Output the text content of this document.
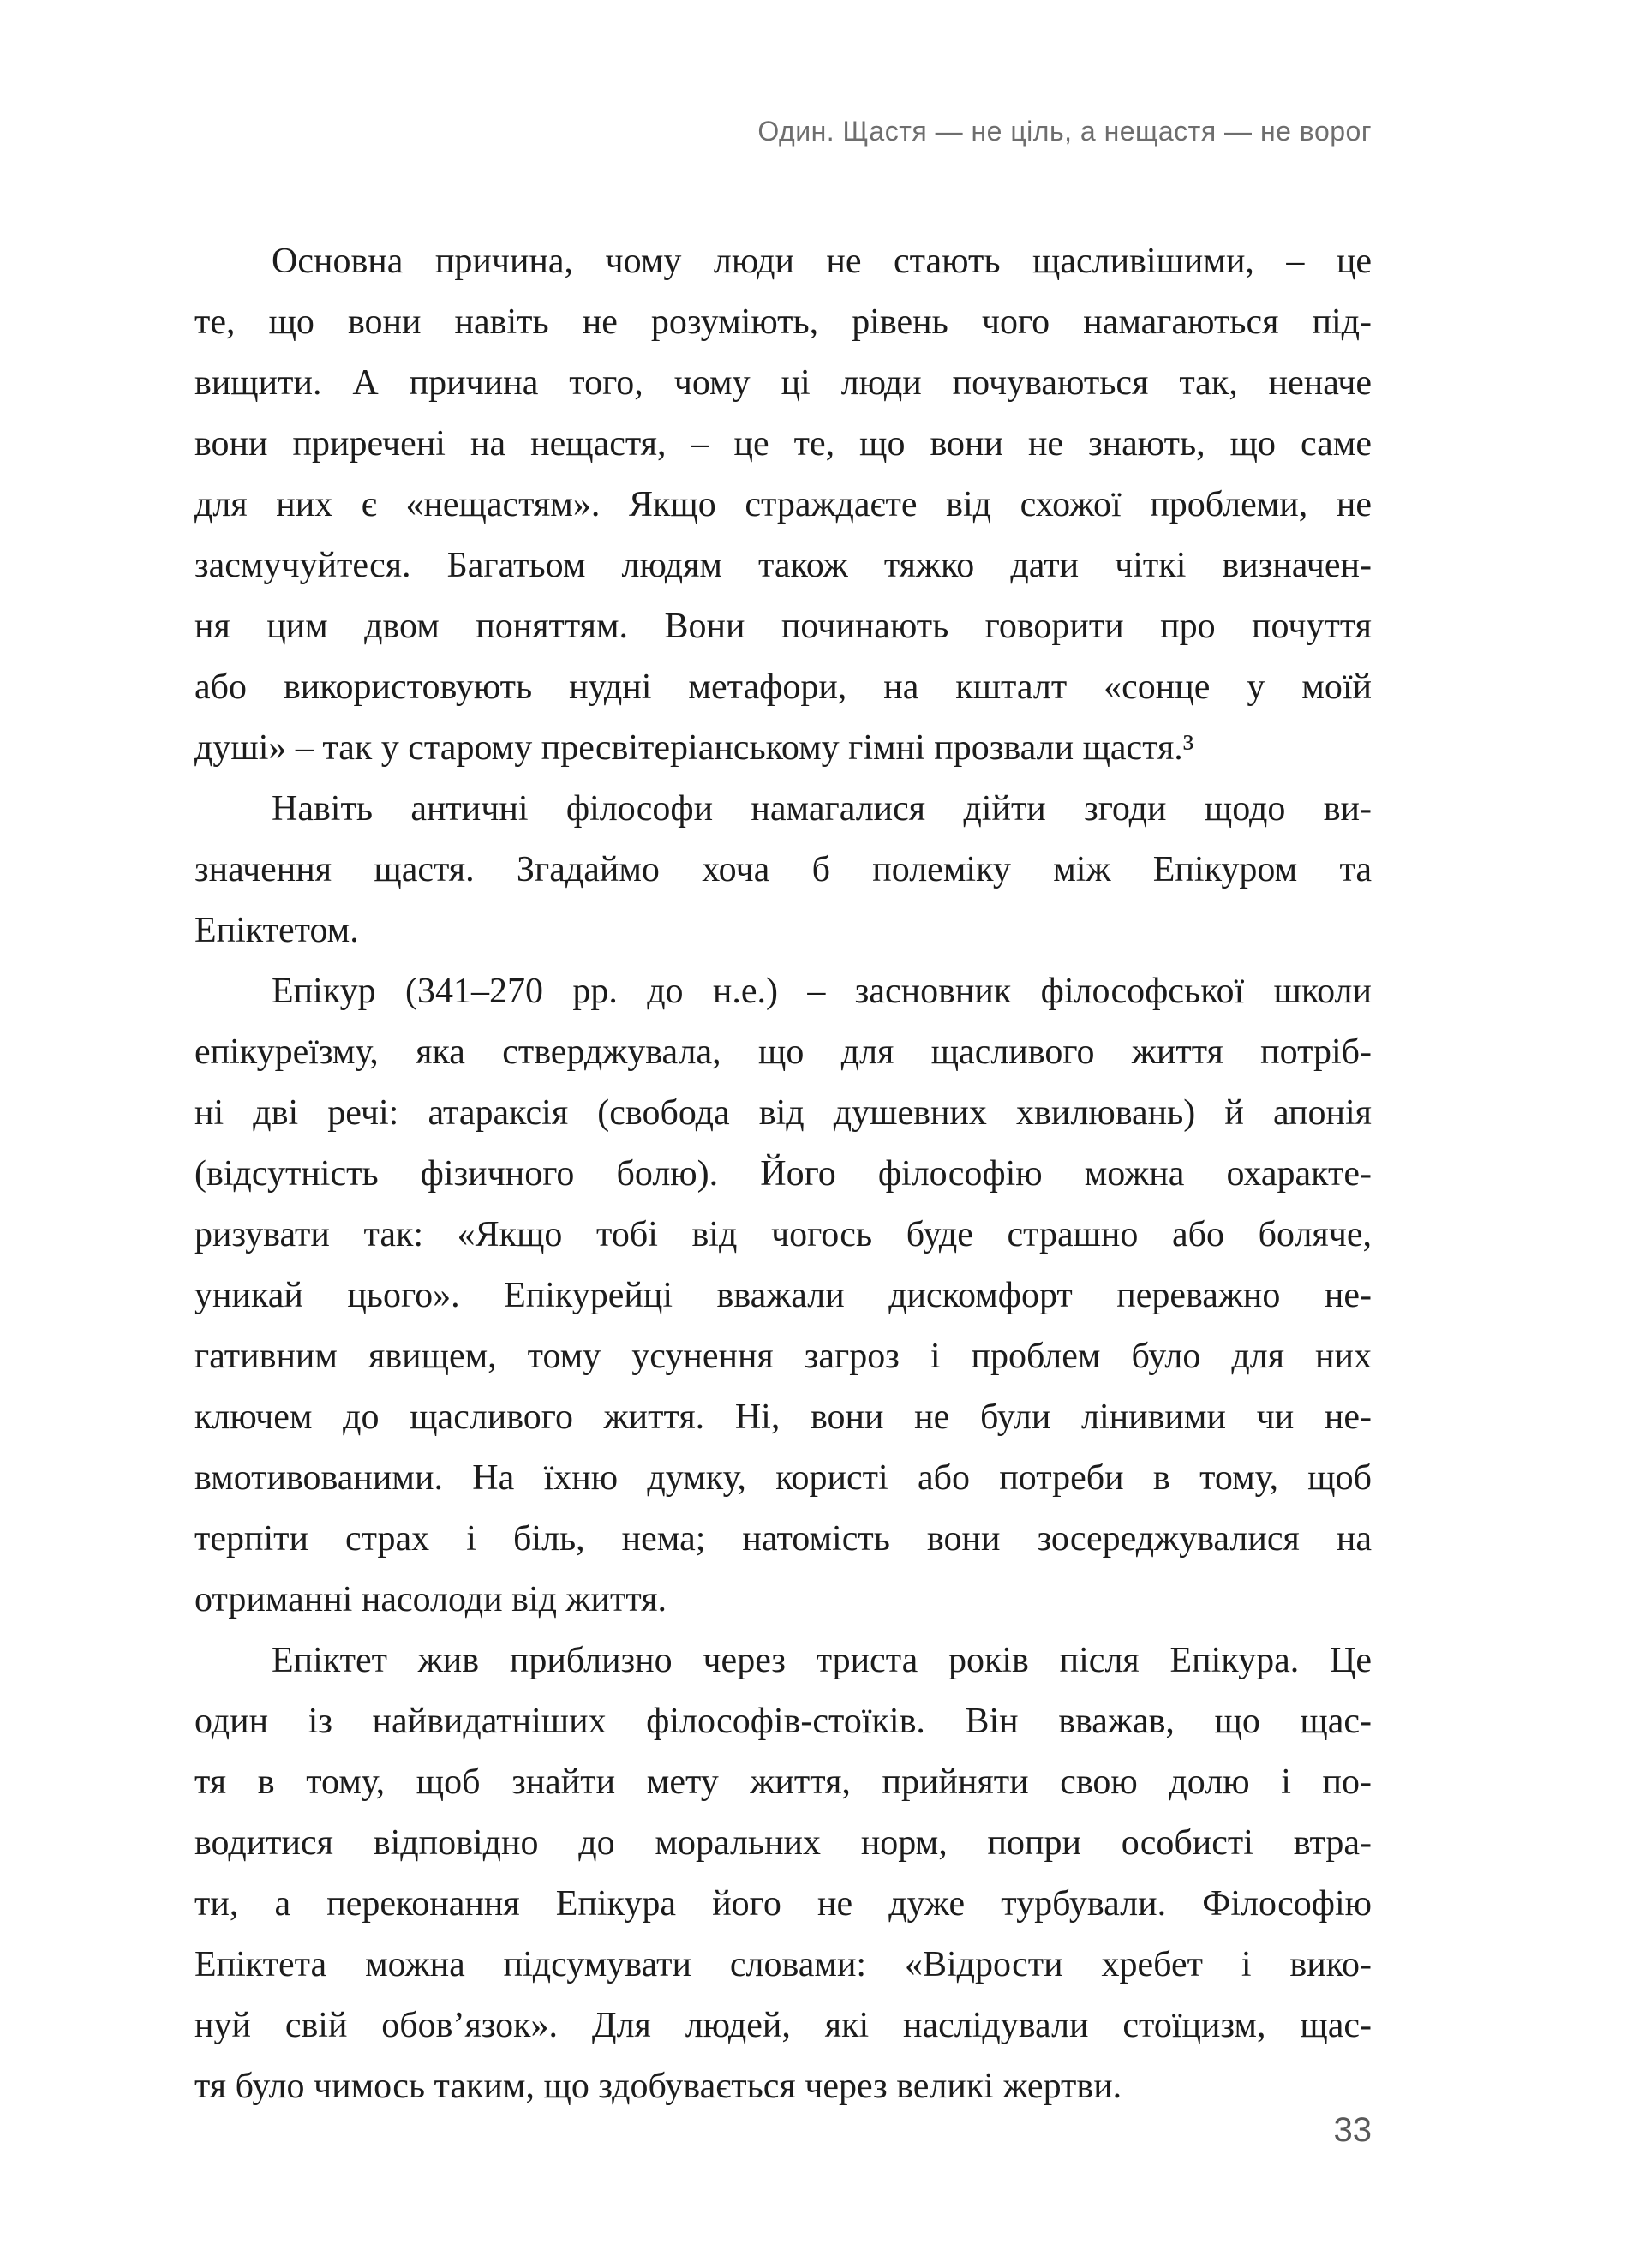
Один. Щастя — не ціль, а нещастя — не ворог
Основна причина, чому люди не стають щасливішими, – це
те, що вони навіть не розуміють, рівень чого намагаються під-
вищити. А причина того, чому ці люди почуваються так, неначе
вони приречені на нещастя, – це те, що вони не знають, що саме
для них є «нещастям». Якщо страждаєте від схожої проблеми, не
засмучуйтеся. Багатьом людям також тяжко дати чіткі визначен-
ня цим двом поняттям. Вони починають говорити про почуття
або використовують нудні метафори, на кшталт «сонце у моїй
душі» – так у старому пресвітеріанському гімні прозвали щастя.³
Навіть античні філософи намагалися дійти згоди щодо ви-
значення щастя. Згадаймо хоча б полеміку між Епікуром та
Епіктетом.
Епікур (341–270 рр. до н.е.) – засновник філософської школи
епікуреїзму, яка стверджувала, що для щасливого життя потріб-
ні дві речі: атараксія (свобода від душевних хвилювань) й апонія
(відсутність фізичного болю). Його філософію можна охаракте-
ризувати так: «Якщо тобі від чогось буде страшно або боляче,
уникай цього». Епікурейці вважали дискомфорт переважно не-
гативним явищем, тому усунення загроз і проблем було для них
ключем до щасливого життя. Ні, вони не були лінивими чи не-
вмотивованими. На їхню думку, користі або потреби в тому, щоб
терпіти страх і біль, нема; натомість вони зосереджувалися на
отриманні насолоди від життя.
Епіктет жив приблизно через триста років після Епікура. Це
один із найвидатніших філософів-стоїків. Він вважав, що щас-
тя в тому, щоб знайти мету життя, прийняти свою долю і по-
водитися відповідно до моральних норм, попри особисті втра-
ти, а переконання Епікура його не дуже турбували. Філософію
Епіктета можна підсумувати словами: «Відрости хребет і вико-
нуй свій обов’язок». Для людей, які наслідували стоїцизм, щас-
тя було чимось таким, що здобувається через великі жертви.
33
